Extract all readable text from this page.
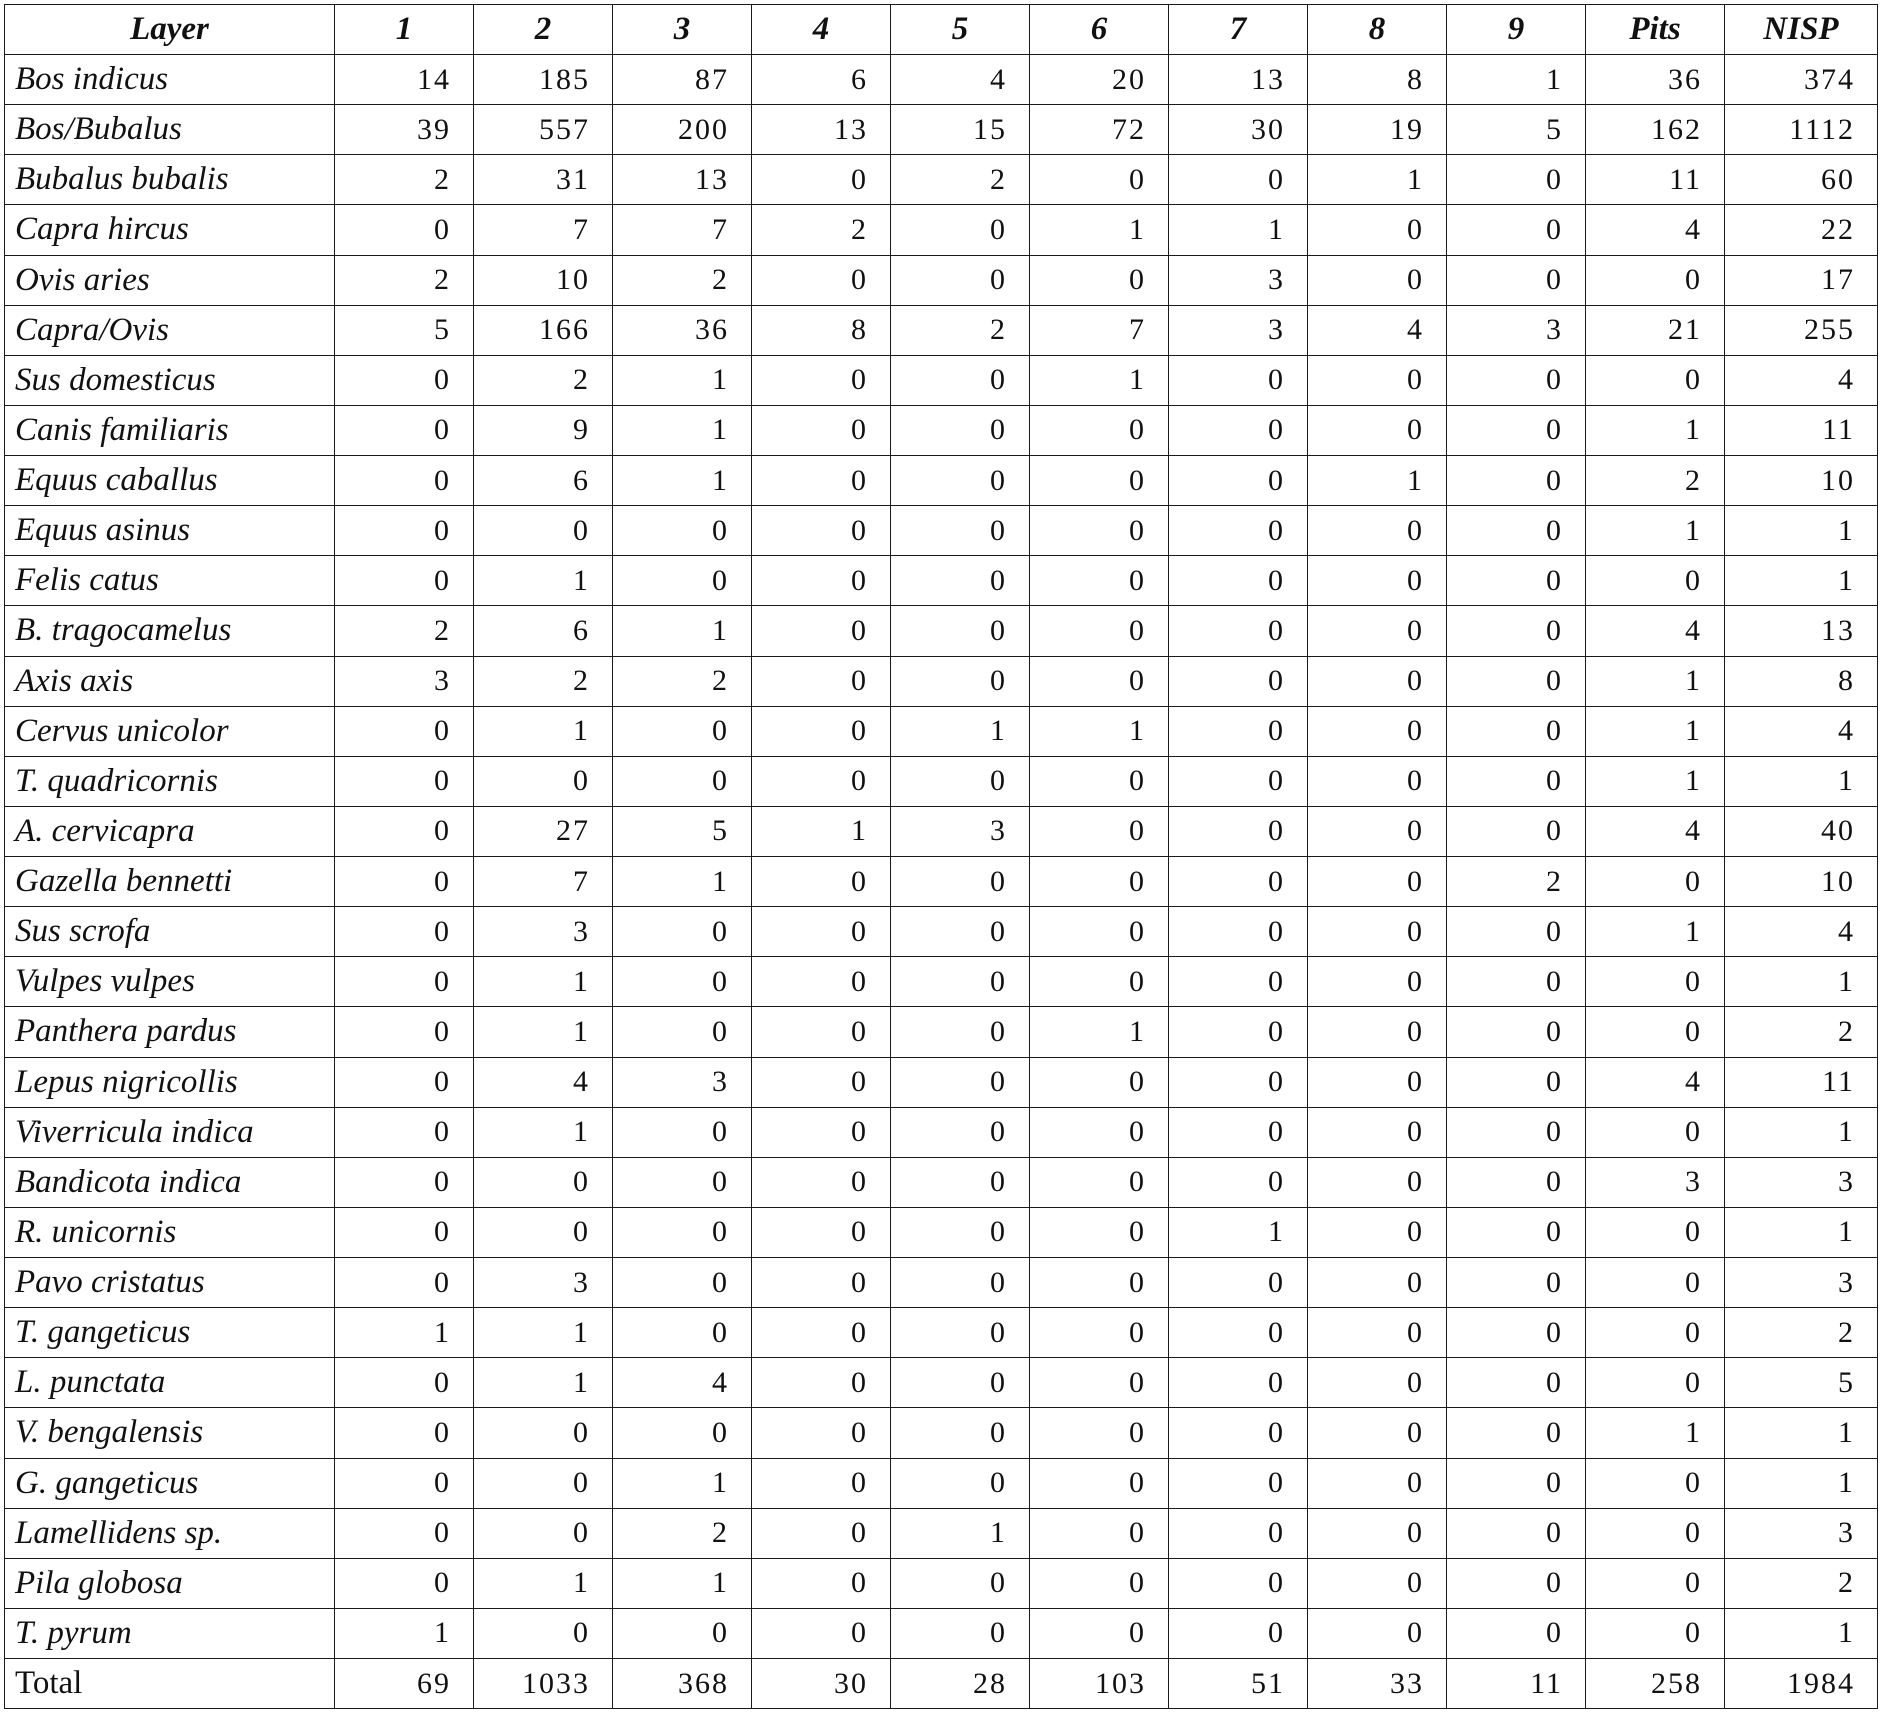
Layer	1	2	3	4	5	6	7	8	9	Pits	NISP
Bos indicus	14	185	87	6	4	20	13	8	1	36	374
Bos/Bubalus	39	557	200	13	15	72	30	19	5	162	1112
Bubalus bubalis	2	31	13	0	2	0	0	1	0	11	60
Capra hircus	0	7	7	2	0	1	1	0	0	4	22
Ovis aries	2	10	2	0	0	0	3	0	0	0	17
Capra/Ovis	5	166	36	8	2	7	3	4	3	21	255
Sus domesticus	0	2	1	0	0	1	0	0	0	0	4
Canis familiaris	0	9	1	0	0	0	0	0	0	1	11
Equus caballus	0	6	1	0	0	0	0	1	0	2	10
Equus asinus	0	0	0	0	0	0	0	0	0	1	1
Felis catus	0	1	0	0	0	0	0	0	0	0	1
B. tragocamelus	2	6	1	0	0	0	0	0	0	4	13
Axis axis	3	2	2	0	0	0	0	0	0	1	8
Cervus unicolor	0	1	0	0	1	1	0	0	0	1	4
T. quadricornis	0	0	0	0	0	0	0	0	0	1	1
A. cervicapra	0	27	5	1	3	0	0	0	0	4	40
Gazella bennetti	0	7	1	0	0	0	0	0	2	0	10
Sus scrofa	0	3	0	0	0	0	0	0	0	1	4
Vulpes vulpes	0	1	0	0	0	0	0	0	0	0	1
Panthera pardus	0	1	0	0	0	1	0	0	0	0	2
Lepus nigricollis	0	4	3	0	0	0	0	0	0	4	11
Viverricula indica	0	1	0	0	0	0	0	0	0	0	1
Bandicota indica	0	0	0	0	0	0	0	0	0	3	3
R. unicornis	0	0	0	0	0	0	1	0	0	0	1
Pavo cristatus	0	3	0	0	0	0	0	0	0	0	3
T. gangeticus	1	1	0	0	0	0	0	0	0	0	2
L. punctata	0	1	4	0	0	0	0	0	0	0	5
V. bengalensis	0	0	0	0	0	0	0	0	0	1	1
G. gangeticus	0	0	1	0	0	0	0	0	0	0	1
Lamellidens sp.	0	0	2	0	1	0	0	0	0	0	3
Pila globosa	0	1	1	0	0	0	0	0	0	0	2
T. pyrum	1	0	0	0	0	0	0	0	0	0	1
Total	69	1033	368	30	28	103	51	33	11	258	1984
